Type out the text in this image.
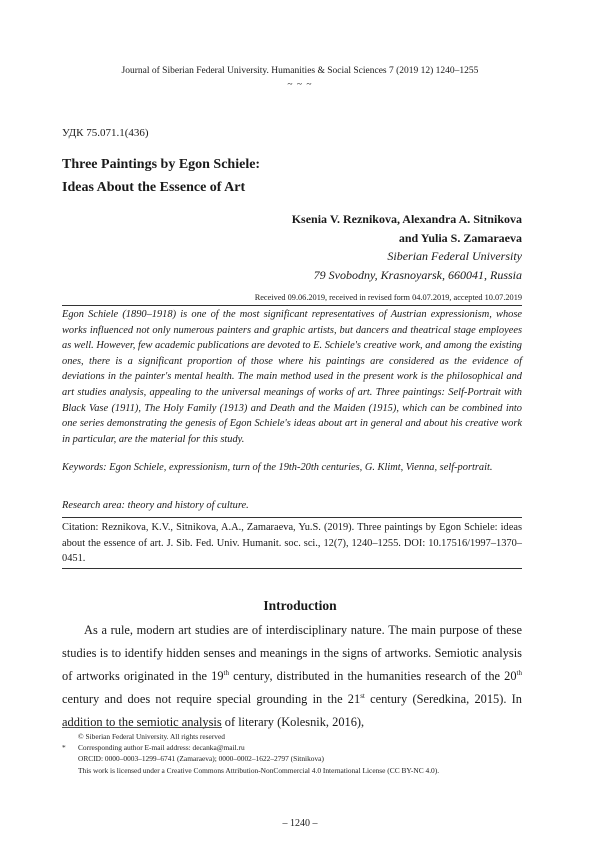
Journal of Siberian Federal University. Humanities & Social Sciences 7 (2019 12) 1240–1255
~ ~ ~
УДК 75.071.1(436)
Three Paintings by Egon Schiele:
Ideas About the Essence of Art
Ksenia V. Reznikova, Alexandra A. Sitnikova
and Yulia S. Zamaraeva
Siberian Federal University
79 Svobodny, Krasnoyarsk, 660041, Russia
Received 09.06.2019, received in revised form 04.07.2019, accepted 10.07.2019
Egon Schiele (1890–1918) is one of the most significant representatives of Austrian expressionism, whose works influenced not only numerous painters and graphic artists, but dancers and theatrical stage employees as well. However, few academic publications are devoted to E. Schiele's creative work, and among the existing ones, there is a significant proportion of those where his paintings are considered as the evidence of deviations in the painter's mental health. The main method used in the present work is the philosophical and art studies analysis, appealing to the universal meanings of works of art. Three paintings: Self-Portrait with Black Vase (1911), The Holy Family (1913) and Death and the Maiden (1915), which can be combined into one series demonstrating the genesis of Egon Schiele's ideas about art in general and about his creative work in particular, are the material for this study.
Keywords: Egon Schiele, expressionism, turn of the 19th-20th centuries, G. Klimt, Vienna, self-portrait.
Research area: theory and history of culture.
Citation: Reznikova, K.V., Sitnikova, A.A., Zamaraeva, Yu.S. (2019). Three paintings by Egon Schiele: ideas about the essence of art. J. Sib. Fed. Univ. Humanit. soc. sci., 12(7), 1240–1255. DOI: 10.17516/1997–1370–0451.
Introduction

As a rule, modern art studies are of interdisciplinary nature. The main purpose of these studies is to identify hidden senses and meanings in the signs of artworks. Semiotic analysis of artworks originated in the 19th century, distributed in the humanities research of the 20th century and does not require special grounding in the 21st century (Seredkina, 2015). In addition to the semiotic analysis of literary (Kolesnik, 2016),

© Siberian Federal University. All rights reserved
*	Corresponding author E-mail address: decanka@mail.ru
ORCID: 0000–0003–1299–6741 (Zamaraeva); 0000–0002–1622–2797 (Sitnikova)
This work is licensed under a Creative Commons Attribution-NonCommercial 4.0 International License (CC BY-NC 4.0).
– 1240 –
